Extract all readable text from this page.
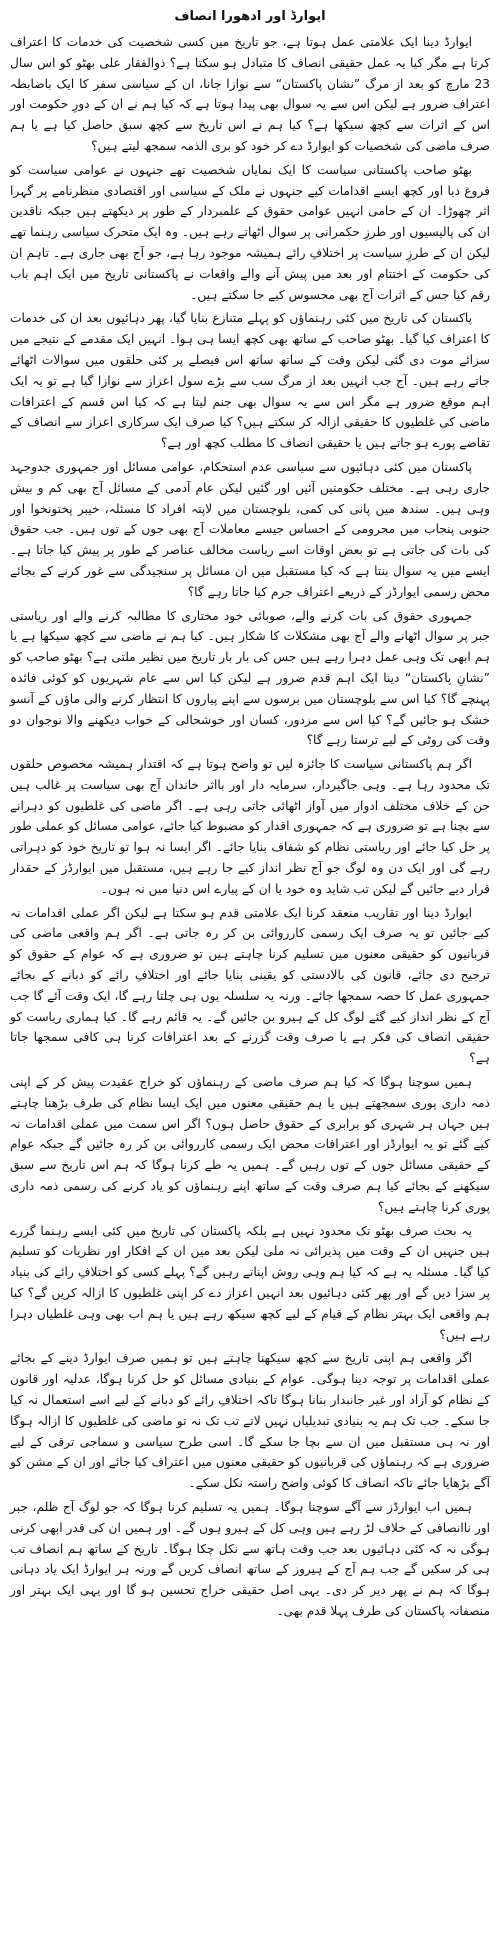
ایوارڈ اور ادھورا انصاف

ایوارڈ دینا ایک علامتی عمل ہوتا ہے، جو تاریخ میں کسی شخصیت کی خدمات کا اعتراف کرتا ہے مگر کیا یہ عمل حقیقی انصاف کا متبادل ہو سکتا ہے؟ ذوالفقار علی بھٹو کو اس سال 23 مارچ کو بعد از مرگ ”نشان پاکستان“ سے نوازا جانا، ان کے سیاسی سفر کا ایک باضابطہ اعتراف ضرور ہے لیکن اس سے یہ سوال بھی پیدا ہوتا ہے کہ کیا ہم نے ان کے دورِ حکومت اور اس کے اثرات سے کچھ سیکھا ہے؟ کیا ہم نے اس تاریخ سے کچھ سبق حاصل کیا ہے یا ہم صرف ماضی کی شخصیات کو ایوارڈ دے کر خود کو بری الذمہ سمجھ لیتے ہیں؟

بھٹو صاحب پاکستانی سیاست کا ایک نمایاں شخصیت تھے جنہوں نے عوامی سیاست کو فروغ دیا اور کچھ ایسے اقدامات کیے جنہوں نے ملک کے سیاسی اور اقتصادی منظرنامے پر گہرا اثر چھوڑا۔ ان کے حامی انہیں عوامی حقوق کے علمبردار کے طور پر دیکھتے ہیں جبکہ ناقدین ان کی پالیسیوں اور طرزِ حکمرانی پر سوال اٹھاتے رہے ہیں۔ وہ ایک متحرک سیاسی رہنما تھے لیکن ان کے طرزِ سیاست پر اختلافِ رائے ہمیشہ موجود رہا ہے، جو آج بھی جاری ہے۔ تاہم ان کی حکومت کے اختتام اور بعد میں پیش آنے والے واقعات نے پاکستانی تاریخ میں ایک اہم باب رقم کیا جس کے اثرات آج بھی محسوس کیے جا سکتے ہیں۔

پاکستان کی تاریخ میں کئی رہنماؤں کو پہلے متنازع بنایا گیا، پھر دہائیوں بعد ان کی خدمات کا اعتراف کیا گیا۔ بھٹو صاحب کے ساتھ بھی کچھ ایسا ہی ہوا۔ انہیں ایک مقدمے کے نتیجے میں سزائے موت دی گئی لیکن وقت کے ساتھ ساتھ اس فیصلے پر کئی حلقوں میں سوالات اٹھائے جاتے رہے ہیں۔ آج جب انہیں بعد از مرگ سب سے بڑے سول اعزاز سے نوازا گیا ہے تو یہ ایک اہم موقع ضرور ہے مگر اس سے یہ سوال بھی جنم لیتا ہے کہ کیا اس قسم کے اعترافات ماضی کی غلطیوں کا حقیقی ازالہ کر سکتے ہیں؟ کیا صرف ایک سرکاری اعزاز سے انصاف کے تقاضے پورے ہو جاتے ہیں یا حقیقی انصاف کا مطلب کچھ اور ہے؟

پاکستان میں کئی دہائیوں سے سیاسی عدم استحکام، عوامی مسائل اور جمہوری جدوجہد جاری رہی ہے۔ مختلف حکومتیں آئیں اور گئیں لیکن عام آدمی کے مسائل آج بھی کم و بیش وہی ہیں۔ سندھ میں پانی کی کمی، بلوچستان میں لاپتہ افراد کا مسئلہ، خیبر پختونخوا اور جنوبی پنجاب میں محرومی کے احساس جیسے معاملات آج بھی جوں کے توں ہیں۔ جب حقوق کی بات کی جاتی ہے تو بعض اوقات اسے ریاست مخالف عناصر کے طور پر پیش کیا جاتا ہے۔ ایسے میں یہ سوال بنتا ہے کہ کیا مستقبل میں ان مسائل پر سنجیدگی سے غور کرنے کے بجائے محض رسمی ایوارڈز کے ذریعے اعتراف جرم کیا جاتا رہے گا؟

جمہوری حقوق کی بات کرنے والے، صوبائی خود مختاری کا مطالبہ کرنے والے اور ریاستی جبر پر سوال اٹھانے والے آج بھی مشکلات کا شکار ہیں۔ کیا ہم نے ماضی سے کچھ سیکھا ہے یا ہم ابھی تک وہی عمل دہرا رہے ہیں جس کی بار بار تاریخ میں نظیر ملتی ہے؟ بھٹو صاحب کو ”نشانِ پاکستان“ دینا ایک اہم قدم ضرور ہے لیکن کیا اس سے عام شہریوں کو کوئی فائدہ پہنچے گا؟ کیا اس سے بلوچستان میں برسوں سے اپنے پیاروں کا انتظار کرنے والی ماؤں کے آنسو خشک ہو جائیں گے؟ کیا اس سے مزدور، کسان اور خوشحالی کے خواب دیکھنے والا نوجوان دو وقت کی روٹی کے لیے ترستا رہے گا؟

اگر ہم پاکستانی سیاست کا جائزہ لیں تو واضح ہوتا ہے کہ اقتدار ہمیشہ مخصوص حلقوں تک محدود رہا ہے۔ وہی جاگیردار، سرمایہ دار اور بااثر خاندان آج بھی سیاست پر غالب ہیں جن کے خلاف مختلف ادوار میں آواز اٹھائی جاتی رہی ہے۔ اگر ماضی کی غلطیوں کو دہرانے سے بچنا ہے تو ضروری ہے کہ جمہوری اقدار کو مضبوط کیا جائے، عوامی مسائل کو عملی طور پر حل کیا جائے اور ریاستی نظام کو شفاف بنایا جائے۔ اگر ایسا نہ ہوا تو تاریخ خود کو دہراتی رہے گی اور ایک دن وہ لوگ جو آج نظر انداز کیے جا رہے ہیں، مستقبل میں ایوارڈز کے حقدار قرار دیے جائیں گے لیکن تب شاید وہ خود یا ان کے پیارے اس دنیا میں نہ ہوں۔

ایوارڈ دینا اور تقاریب منعقد کرنا ایک علامتی قدم ہو سکتا ہے لیکن اگر عملی اقدامات نہ کیے جائیں تو یہ صرف ایک رسمی کارروائی بن کر رہ جاتی ہے۔ اگر ہم واقعی ماضی کی قربانیوں کو حقیقی معنوں میں تسلیم کرنا چاہتے ہیں تو ضروری ہے کہ عوام کے حقوق کو ترجیح دی جائے، قانون کی بالادستی کو یقینی بنایا جائے اور اختلافِ رائے کو دبانے کے بجائے جمہوری عمل کا حصہ سمجھا جائے۔ ورنہ یہ سلسلہ یوں ہی چلتا رہے گا، ایک وقت آئے گا جب آج کے نظر انداز کیے گئے لوگ کل کے ہیرو بن جائیں گے۔ یہ قائم رہے گا۔ کیا ہماری ریاست کو حقیقی انصاف کی فکر ہے یا صرف وقت گزرنے کے بعد اعترافات کرنا ہی کافی سمجھا جاتا ہے؟

ہمیں سوچنا ہوگا کہ کیا ہم صرف ماضی کے رہنماؤں کو خراج عقیدت پیش کر کے اپنی ذمہ داری پوری سمجھتے ہیں یا ہم حقیقی معنوں میں ایک ایسا نظام کی طرف بڑھنا چاہتے ہیں جہاں ہر شہری کو برابری کے حقوق حاصل ہوں؟ اگر اس سمت میں عملی اقدامات نہ کیے گئے تو یہ ایوارڈز اور اعترافات محض ایک رسمی کارروائی بن کر رہ جائیں گے جبکہ عوام کے حقیقی مسائل جوں کے توں رہیں گے۔ ہمیں یہ طے کرنا ہوگا کہ ہم اس تاریخ سے سبق سیکھنے کے بجائے کیا ہم صرف وقت کے ساتھ اپنے رہنماؤں کو یاد کرنے کی رسمی ذمہ داری پوری کرنا چاہتے ہیں؟

یہ بحث صرف بھٹو تک محدود نہیں ہے بلکہ پاکستان کی تاریخ میں کئی ایسے رہنما گزرے ہیں جنہیں ان کے وقت میں پذیرائی نہ ملی لیکن بعد میں ان کے افکار اور نظریات کو تسلیم کیا گیا۔ مسئلہ یہ ہے کہ کیا ہم وہی روش اپناتے رہیں گے؟ پہلے کسی کو اختلافِ رائے کی بنیاد پر سزا دیں گے اور پھر کئی دہائیوں بعد انہیں اعزاز دے کر اپنی غلطیوں کا ازالہ کریں گے؟ کیا ہم واقعی ایک بہتر نظام کے قیام کے لیے کچھ سیکھ رہے ہیں یا ہم اب بھی وہی غلطیاں دہرا رہے ہیں؟

اگر واقعی ہم اپنی تاریخ سے کچھ سیکھنا چاہتے ہیں تو ہمیں صرف ایوارڈ دینے کے بجائے عملی اقدامات پر توجہ دینا ہوگی۔ عوام کے بنیادی مسائل کو حل کرنا ہوگا، عدلیہ اور قانون کے نظام کو آزاد اور غیر جانبدار بنانا ہوگا تاکہ اختلافِ رائے کو دبانے کے لیے اسے استعمال نہ کیا جا سکے۔ جب تک ہم یہ بنیادی تبدیلیاں نہیں لاتے تب تک نہ تو ماضی کی غلطیوں کا ازالہ ہوگا اور نہ ہی مستقبل میں ان سے بچا جا سکے گا۔ اسی طرح سیاسی و سماجی ترقی کے لیے ضروری ہے کہ رہنماؤں کی قربانیوں کو حقیقی معنوں میں اعتراف کیا جائے اور ان کے مشن کو آگے بڑھایا جائے تاکہ انصاف کا کوئی واضح راستہ نکل سکے۔

ہمیں اب ایوارڈز سے آگے سوچنا ہوگا۔ ہمیں یہ تسلیم کرنا ہوگا کہ جو لوگ آج ظلم، جبر اور ناانصافی کے خلاف لڑ رہے ہیں وہی کل کے ہیرو ہوں گے۔ اور ہمیں ان کی قدر ابھی کرنی ہوگی نہ کہ کئی دہائیوں بعد جب وقت ہاتھ سے نکل چکا ہوگا۔ تاریخ کے ساتھ ہم انصاف تب ہی کر سکیں گے جب ہم آج کے ہیروز کے ساتھ انصاف کریں گے ورنہ ہر ایوارڈ ایک یاد دہانی ہوگا کہ ہم نے پھر دیر کر دی۔ یہی اصل حقیقی خراج تحسین ہو گا اور یہی ایک بہتر اور منصفانہ پاکستان کی طرف پہلا قدم بھی۔
